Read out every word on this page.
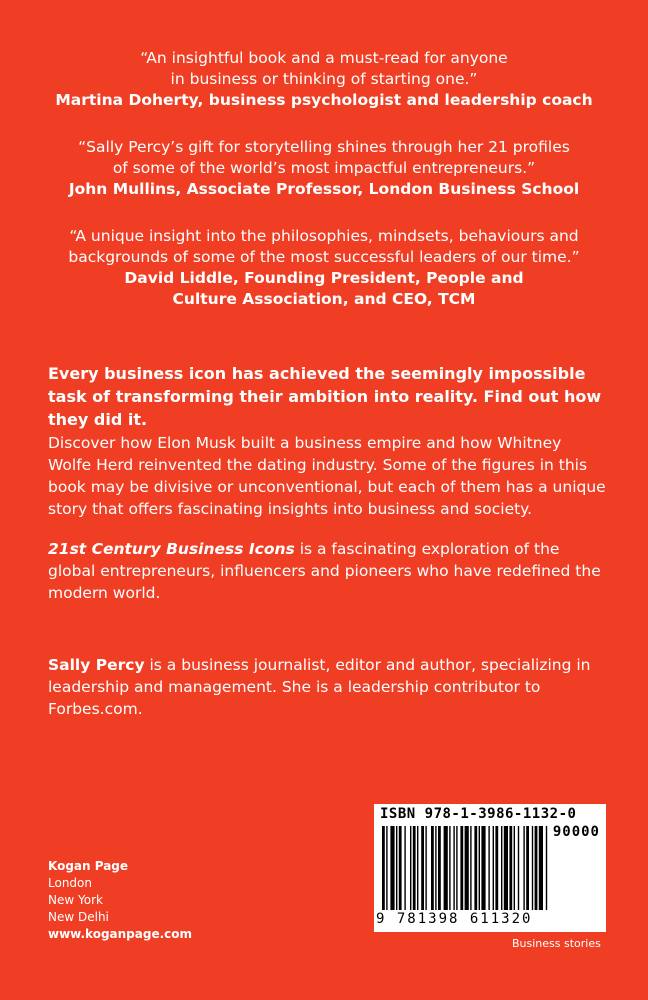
“An insightful book and a must-read for anyone
in business or thinking of starting one.”
Martina Doherty, business psychologist and leadership coach
“Sally Percy’s gift for storytelling shines through her 21 profiles
of some of the world’s most impactful entrepreneurs.”
John Mullins, Associate Professor, London Business School
“A unique insight into the philosophies, mindsets, behaviours and
backgrounds of some of the most successful leaders of our time.”
David Liddle, Founding President, People and
Culture Association, and CEO, TCM
Every business icon has achieved the seemingly impossible task of transforming their ambition into reality. Find out how they did it.
Discover how Elon Musk built a business empire and how Whitney Wolfe Herd reinvented the dating industry. Some of the figures in this book may be divisive or unconventional, but each of them has a unique story that offers fascinating insights into business and society.
21st Century Business Icons is a fascinating exploration of the global entrepreneurs, influencers and pioneers who have redefined the modern world.
Sally Percy is a business journalist, editor and author, specializing in leadership and management. She is a leadership contributor to Forbes.com.
Kogan Page
London
New York
New Delhi
www.koganpage.com
ISBN 978-1-3986-1132-0
90000
9 781398 611320
Business stories
